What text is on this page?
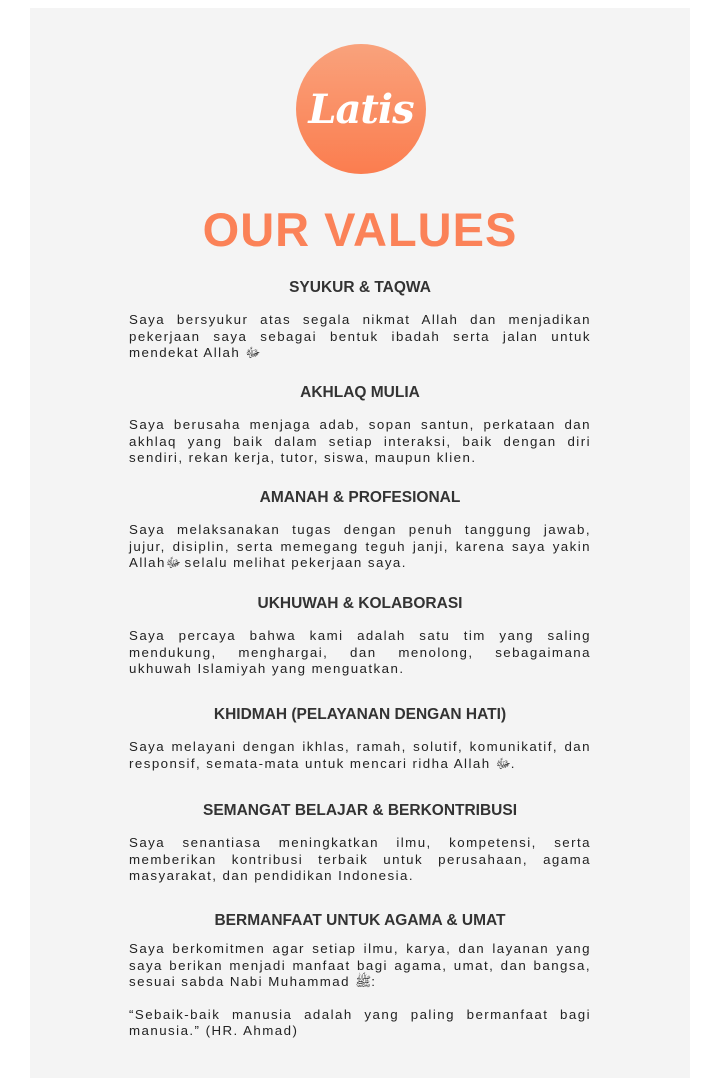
Latis
OUR VALUES
SYUKUR & TAQWA

Saya bersyukur atas segala nikmat Allah dan menjadikan pekerjaan saya sebagai bentuk ibadah serta jalan untuk mendekat Allah ﷻ

AKHLAQ MULIA

Saya berusaha menjaga adab, sopan santun, perkataan dan akhlaq yang baik dalam setiap interaksi, baik dengan diri sendiri, rekan kerja, tutor, siswa, maupun klien.

AMANAH & PROFESIONAL

Saya melaksanakan tugas dengan penuh tanggung jawab, jujur, disiplin, serta memegang teguh janji, karena saya yakin Allahﷻ selalu melihat pekerjaan saya.

UKHUWAH & KOLABORASI

Saya percaya bahwa kami adalah satu tim yang saling mendukung, menghargai, dan menolong, sebagaimana ukhuwah Islamiyah yang menguatkan.

KHIDMAH (PELAYANAN DENGAN HATI)

Saya melayani dengan ikhlas, ramah, solutif, komunikatif, dan responsif, semata-mata untuk mencari ridha Allah ﷻ.

SEMANGAT BELAJAR & BERKONTRIBUSI

Saya senantiasa meningkatkan ilmu, kompetensi, serta memberikan kontribusi terbaik untuk perusahaan, agama masyarakat, dan pendidikan Indonesia.

BERMANFAAT UNTUK AGAMA & UMAT

Saya berkomitmen agar setiap ilmu, karya, dan layanan yang saya berikan menjadi manfaat bagi agama, umat, dan bangsa, sesuai sabda Nabi Muhammad ﷺ:

“Sebaik-baik manusia adalah yang paling bermanfaat bagi manusia.” (HR. Ahmad)
